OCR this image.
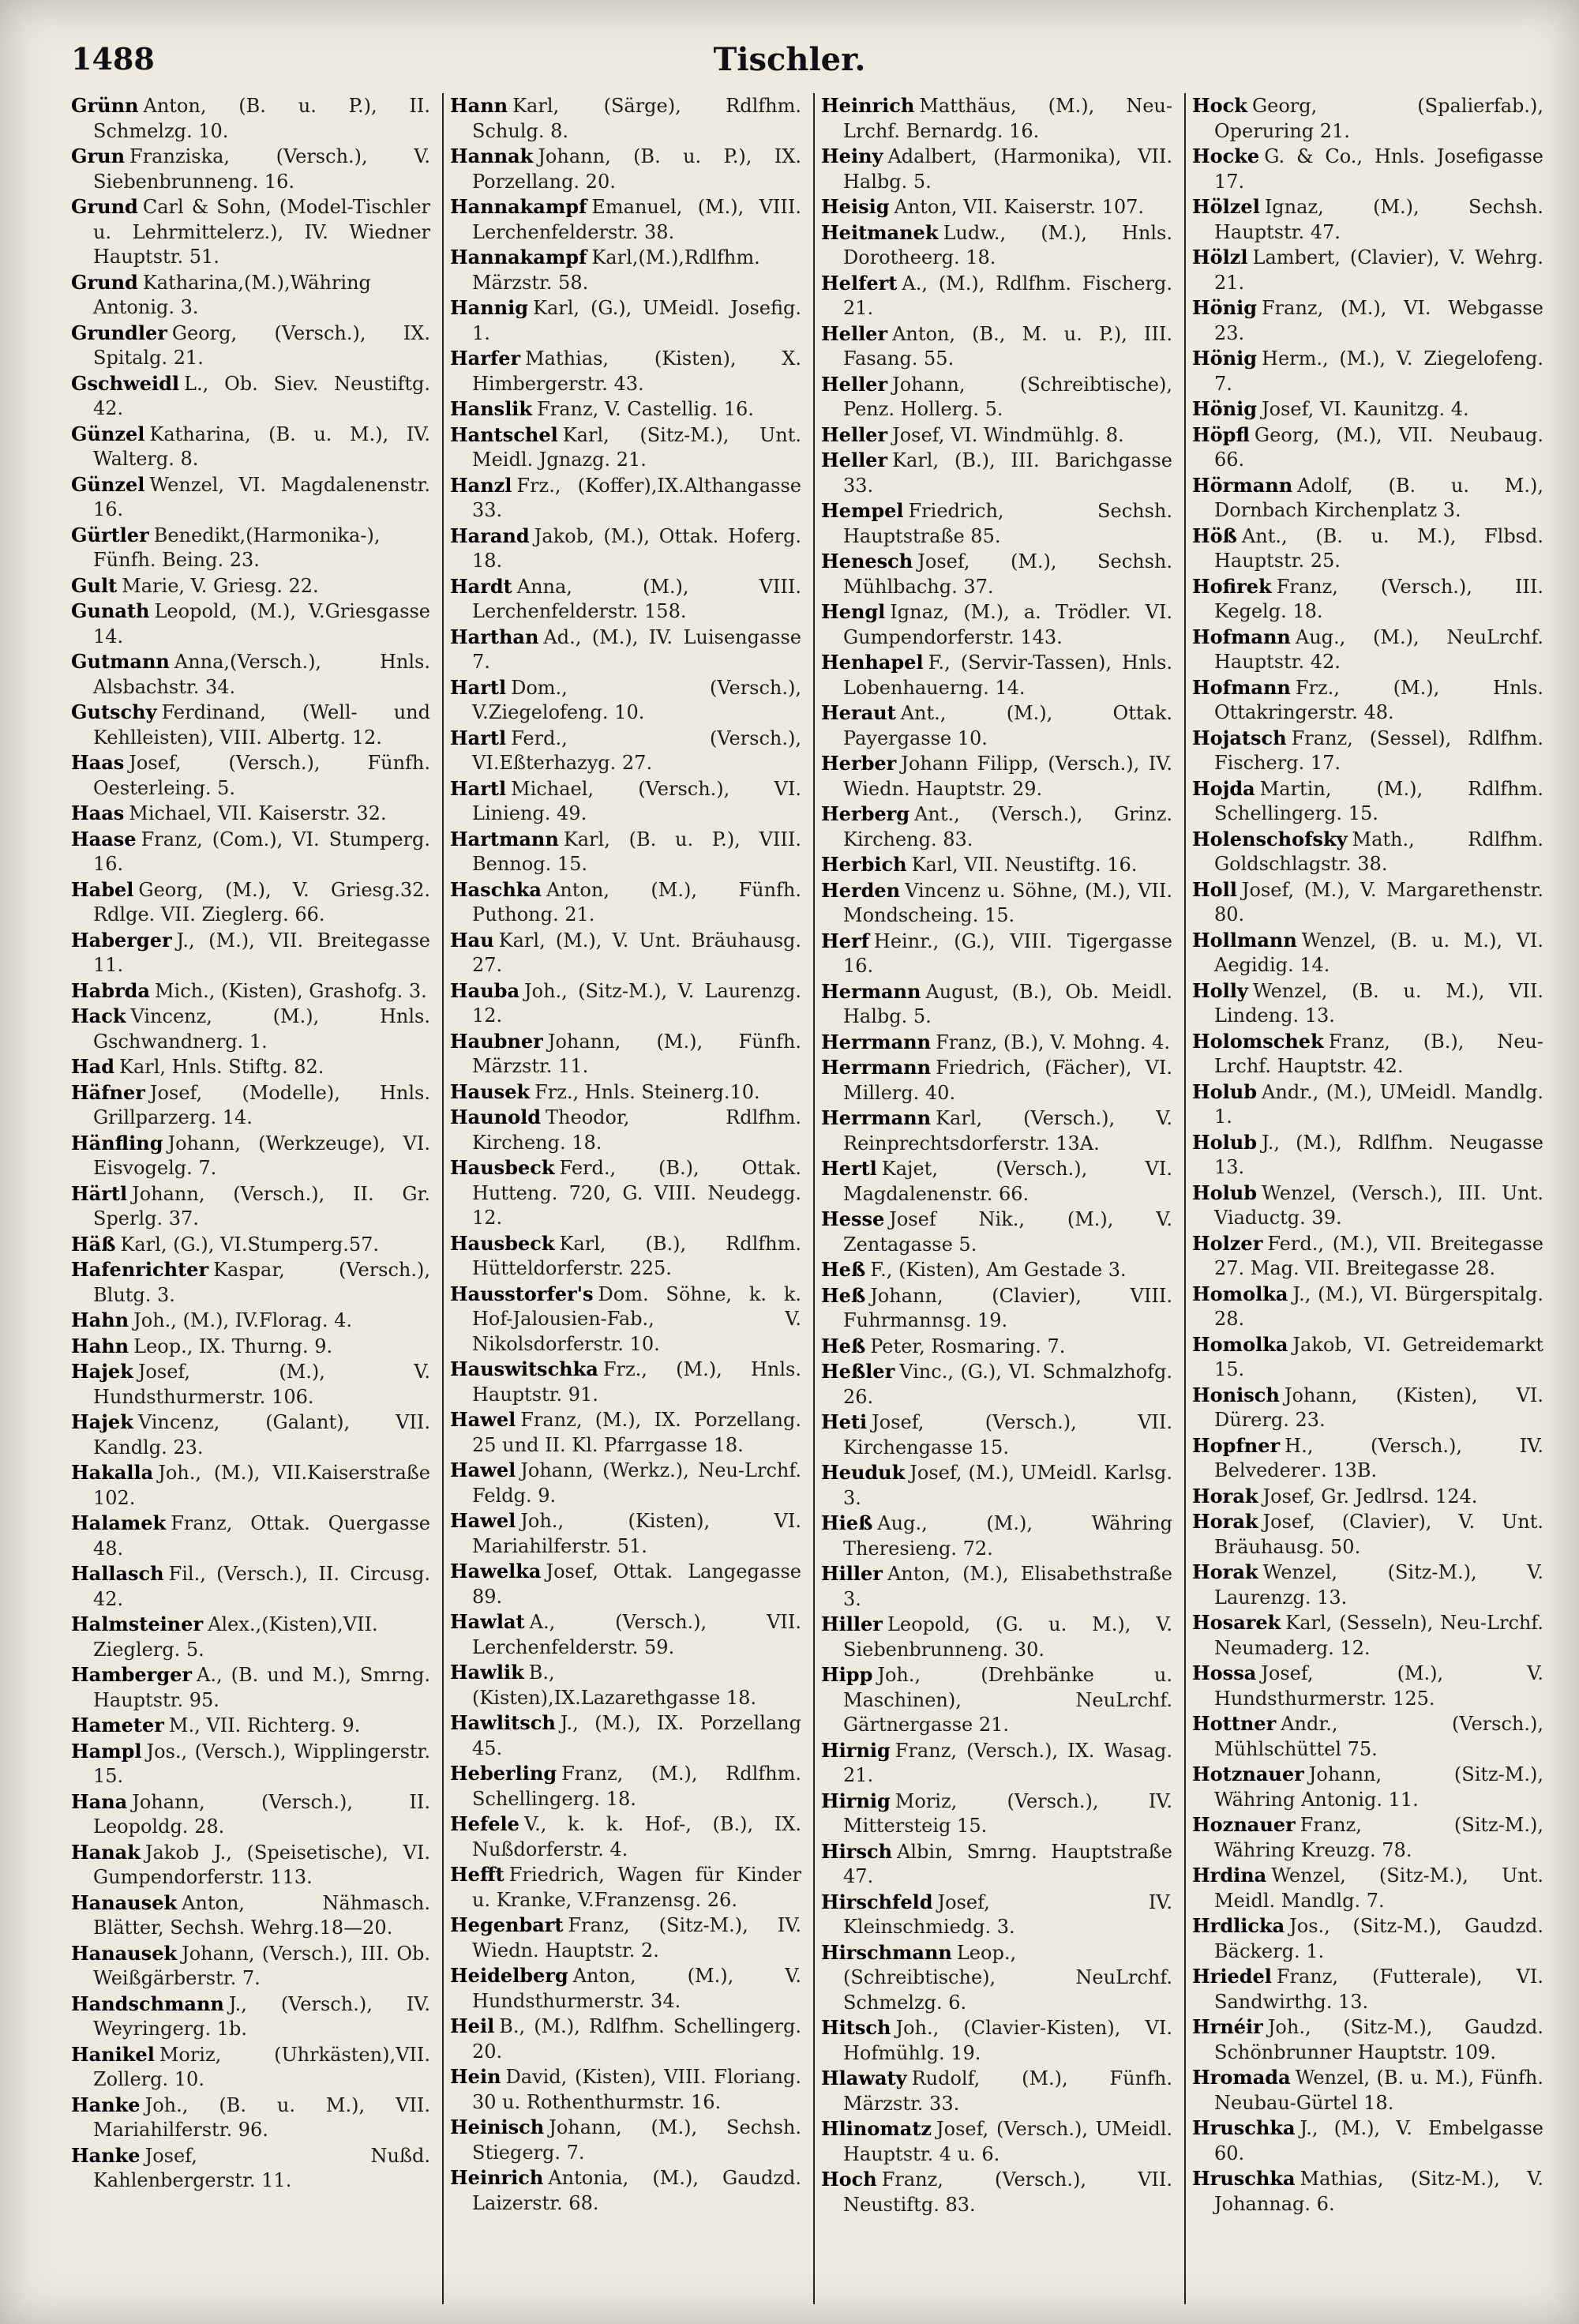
1488	Tischler.
Grünn Anton, (B. u. P.), II. Schmelzg. 10.
Grun Franziska, (Versch.), V. Siebenbrunneng. 16.
Grund Carl & Sohn, (Model-Tischler u. Lehrmittelerz.), IV. Wiedner Hauptstr. 51.
Grund Katharina,(M.),Währing Antonig. 3.
Grundler Georg, (Versch.), IX. Spitalg. 21.
Gschweidl L., Ob. Siev. Neustiftg. 42.
Günzel Katharina, (B. u. M.), IV. Walterg. 8.
Günzel Wenzel, VI. Magdalenenstr. 16.
Gürtler Benedikt,(Harmonika-), Fünfh. Being. 23.
Gult Marie, V. Griesg. 22.
Gunath Leopold, (M.), V.Griesgasse 14.
Gutmann Anna,(Versch.), Hnls. Alsbachstr. 34.
Gutschy Ferdinand, (Well- und Kehlleisten), VIII. Albertg. 12.
Haas Josef, (Versch.), Fünfh. Oesterleing. 5.
Haas Michael, VII. Kaiserstr. 32.
Haase Franz, (Com.), VI. Stumperg. 16.
Habel Georg, (M.), V. Griesg.32. Rdlge. VII. Zieglerg. 66.
Haberger J., (M.), VII. Breitegasse 11.
Habrda Mich., (Kisten), Grashofg. 3.
Hack Vincenz, (M.), Hnls. Gschwandnerg. 1.
Had Karl, Hnls. Stiftg. 82.
Häfner Josef, (Modelle), Hnls. Grillparzerg. 14.
Hänfling Johann, (Werkzeuge), VI. Eisvogelg. 7.
Härtl Johann, (Versch.), II. Gr. Sperlg. 37.
Häß Karl, (G.), VI.Stumperg.57.
Hafenrichter Kaspar, (Versch.), Blutg. 3.
Hahn Joh., (M.), IV.Florag. 4.
Hahn Leop., IX. Thurng. 9.
Hajek Josef, (M.), V. Hundsthurmerstr. 106.
Hajek Vincenz, (Galant), VII. Kandlg. 23.
Hakalla Joh., (M.), VII.Kaiserstraße 102.
Halamek Franz, Ottak. Quergasse 48.
Hallasch Fil., (Versch.), II. Circusg. 42.
Halmsteiner Alex.,(Kisten),VII. Zieglerg. 5.
Hamberger A., (B. und M.), Smrng. Hauptstr. 95.
Hameter M., VII. Richterg. 9.
Hampl Jos., (Versch.), Wipplingerstr. 15.
Hana Johann, (Versch.), II. Leopoldg. 28.
Hanak Jakob J., (Speisetische), VI. Gumpendorferstr. 113.
Hanausek Anton, Nähmasch. Blätter, Sechsh. Wehrg.18—20.
Hanausek Johann, (Versch.), III. Ob. Weißgärberstr. 7.
Handschmann J., (Versch.), IV. Weyringerg. 1b.
Hanikel Moriz, (Uhrkästen),VII. Zollerg. 10.
Hanke Joh., (B. u. M.), VII. Mariahilferstr. 96.
Hanke Josef, Nußd. Kahlenbergerstr. 11.
Hann Karl, (Särge), Rdlfhm. Schulg. 8.
Hannak Johann, (B. u. P.), IX. Porzellang. 20.
Hannakampf Emanuel, (M.), VIII. Lerchenfelderstr. 38.
Hannakampf Karl,(M.),Rdlfhm. Märzstr. 58.
Hannig Karl, (G.), UMeidl. Josefig. 1.
Harfer Mathias, (Kisten), X. Himbergerstr. 43.
Hanslik Franz, V. Castellig. 16.
Hantschel Karl, (Sitz-M.), Unt. Meidl. Jgnazg. 21.
Hanzl Frz., (Koffer),IX.Althangasse 33.
Harand Jakob, (M.), Ottak. Hoferg. 18.
Hardt Anna, (M.), VIII. Lerchenfelderstr. 158.
Harthan Ad., (M.), IV. Luisengasse 7.
Hartl Dom., (Versch.), V.Ziegelofeng. 10.
Hartl Ferd., (Versch.), VI.Eßterhazyg. 27.
Hartl Michael, (Versch.), VI. Linieng. 49.
Hartmann Karl, (B. u. P.), VIII. Bennog. 15.
Haschka Anton, (M.), Fünfh. Puthong. 21.
Hau Karl, (M.), V. Unt. Bräuhausg. 27.
Hauba Joh., (Sitz-M.), V. Laurenzg. 12.
Haubner Johann, (M.), Fünfh. Märzstr. 11.
Hausek Frz., Hnls. Steinerg.10.
Haunold Theodor, Rdlfhm. Kircheng. 18.
Hausbeck Ferd., (B.), Ottak. Hutteng. 720, G. VIII. Neudegg. 12.
Hausbeck Karl, (B.), Rdlfhm. Hütteldorferstr. 225.
Hausstorfer's Dom. Söhne, k. k. Hof-Jalousien-Fab., V. Nikolsdorferstr. 10.
Hauswitschka Frz., (M.), Hnls. Hauptstr. 91.
Hawel Franz, (M.), IX. Porzellang. 25 und II. Kl. Pfarrgasse 18.
Hawel Johann, (Werkz.), Neu-Lrchf. Feldg. 9.
Hawel Joh., (Kisten), VI. Mariahilferstr. 51.
Hawelka Josef, Ottak. Langegasse 89.
Hawlat A., (Versch.), VII. Lerchenfelderstr. 59.
Hawlik B.,(Kisten),IX.Lazarethgasse 18.
Hawlitsch J., (M.), IX. Porzellang 45.
Heberling Franz, (M.), Rdlfhm. Schellingerg. 18.
Hefele V., k. k. Hof-, (B.), IX. Nußdorferstr. 4.
Hefft Friedrich, Wagen für Kinder u. Kranke, V.Franzensg. 26.
Hegenbart Franz, (Sitz-M.), IV. Wiedn. Hauptstr. 2.
Heidelberg Anton, (M.), V. Hundsthurmerstr. 34.
Heil B., (M.), Rdlfhm. Schellingerg. 20.
Hein David, (Kisten), VIII. Floriang. 30 u. Rothenthurmstr. 16.
Heinisch Johann, (M.), Sechsh. Stiegerg. 7.
Heinrich Antonia, (M.), Gaudzd. Laizerstr. 68.
Heinrich Matthäus, (M.), Neu-Lrchf. Bernardg. 16.
Heiny Adalbert, (Harmonika), VII. Halbg. 5.
Heisig Anton, VII. Kaiserstr. 107.
Heitmanek Ludw., (M.), Hnls. Dorotheerg. 18.
Helfert A., (M.), Rdlfhm. Fischerg. 21.
Heller Anton, (B., M. u. P.), III. Fasang. 55.
Heller Johann, (Schreibtische), Penz. Hollerg. 5.
Heller Josef, VI. Windmühlg. 8.
Heller Karl, (B.), III. Barichgasse 33.
Hempel Friedrich, Sechsh. Hauptstraße 85.
Henesch Josef, (M.), Sechsh. Mühlbachg. 37.
Hengl Ignaz, (M.), a. Trödler. VI. Gumpendorferstr. 143.
Henhapel F., (Servir-Tassen), Hnls. Lobenhauerng. 14.
Heraut Ant., (M.), Ottak. Payergasse 10.
Herber Johann Filipp, (Versch.), IV. Wiedn. Hauptstr. 29.
Herberg Ant., (Versch.), Grinz. Kircheng. 83.
Herbich Karl, VII. Neustiftg. 16.
Herden Vincenz u. Söhne, (M.), VII. Mondscheing. 15.
Herf Heinr., (G.), VIII. Tigergasse 16.
Hermann August, (B.), Ob. Meidl. Halbg. 5.
Herrmann Franz, (B.), V. Mohng. 4.
Herrmann Friedrich, (Fächer), VI. Millerg. 40.
Herrmann Karl, (Versch.), V. Reinprechtsdorferstr. 13A.
Hertl Kajet, (Versch.), VI. Magdalenenstr. 66.
Hesse Josef Nik., (M.), V. Zentagasse 5.
Heß F., (Kisten), Am Gestade 3.
Heß Johann, (Clavier), VIII. Fuhrmannsg. 19.
Heß Peter, Rosmaring. 7.
Heßler Vinc., (G.), VI. Schmalzhofg. 26.
Heti Josef, (Versch.), VII. Kirchengasse 15.
Heuduk Josef, (M.), UMeidl. Karlsg. 3.
Hieß Aug., (M.), Währing Theresieng. 72.
Hiller Anton, (M.), Elisabethstraße 3.
Hiller Leopold, (G. u. M.), V. Siebenbrunneng. 30.
Hipp Joh., (Drehbänke u. Maschinen), NeuLrchf. Gärtnergasse 21.
Hirnig Franz, (Versch.), IX. Wasag. 21.
Hirnig Moriz, (Versch.), IV. Mittersteig 15.
Hirsch Albin, Smrng. Hauptstraße 47.
Hirschfeld Josef, IV. Kleinschmiedg. 3.
Hirschmann Leop., (Schreibtische), NeuLrchf. Schmelzg. 6.
Hitsch Joh., (Clavier-Kisten), VI. Hofmühlg. 19.
Hlawaty Rudolf, (M.), Fünfh. Märzstr. 33.
Hlinomatz Josef, (Versch.), UMeidl. Hauptstr. 4 u. 6.
Hoch Franz, (Versch.), VII. Neustiftg. 83.
Hock Georg, (Spalierfab.), Operuring 21.
Hocke G. & Co., Hnls. Josefigasse 17.
Hölzel Ignaz, (M.), Sechsh. Hauptstr. 47.
Hölzl Lambert, (Clavier), V. Wehrg. 21.
Hönig Franz, (M.), VI. Webgasse 23.
Hönig Herm., (M.), V. Ziegelofeng. 7.
Hönig Josef, VI. Kaunitzg. 4.
Höpfl Georg, (M.), VII. Neubaug. 66.
Hörmann Adolf, (B. u. M.), Dornbach Kirchenplatz 3.
Höß Ant., (B. u. M.), Flbsd. Hauptstr. 25.
Hofirek Franz, (Versch.), III. Kegelg. 18.
Hofmann Aug., (M.), NeuLrchf. Hauptstr. 42.
Hofmann Frz., (M.), Hnls. Ottakringerstr. 48.
Hojatsch Franz, (Sessel), Rdlfhm. Fischerg. 17.
Hojda Martin, (M.), Rdlfhm. Schellingerg. 15.
Holenschofsky Math., Rdlfhm. Goldschlagstr. 38.
Holl Josef, (M.), V. Margarethenstr. 80.
Hollmann Wenzel, (B. u. M.), VI. Aegidig. 14.
Holly Wenzel, (B. u. M.), VII. Lindeng. 13.
Holomschek Franz, (B.), Neu-Lrchf. Hauptstr. 42.
Holub Andr., (M.), UMeidl. Mandlg. 1.
Holub J., (M.), Rdlfhm. Neugasse 13.
Holub Wenzel, (Versch.), III. Unt. Viaductg. 39.
Holzer Ferd., (M.), VII. Breitegasse 27. Mag. VII. Breitegasse 28.
Homolka J., (M.), VI. Bürgerspitalg. 28.
Homolka Jakob, VI. Getreidemarkt 15.
Honisch Johann, (Kisten), VI. Dürerg. 23.
Hopfner H., (Versch.), IV. Belvederег. 13B.
Horak Josef, Gr. Jedlrsd. 124.
Horak Josef, (Clavier), V. Unt. Bräuhausg. 50.
Horak Wenzel, (Sitz-M.), V. Laurenzg. 13.
Hosarek Karl, (Sesseln), Neu-Lrchf. Neumaderg. 12.
Hossa Josef, (M.), V. Hundsthurmerstr. 125.
Hottner Andr., (Versch.), Mühlschüttel 75.
Hotznauer Johann, (Sitz-M.), Währing Antonig. 11.
Hoznauer Franz, (Sitz-M.), Währing Kreuzg. 78.
Hrdina Wenzel, (Sitz-M.), Unt. Meidl. Mandlg. 7.
Hrdlicka Jos., (Sitz-M.), Gaudzd. Bäckerg. 1.
Hriedel Franz, (Futterale), VI. Sandwirthg. 13.
Hrnéir Joh., (Sitz-M.), Gaudzd. Schönbrunner Hauptstr. 109.
Hromada Wenzel, (B. u. M.), Fünfh. Neubau-Gürtel 18.
Hruschka J., (M.), V. Embelgasse 60.
Hruschka Mathias, (Sitz-M.), V. Johannag. 6.
